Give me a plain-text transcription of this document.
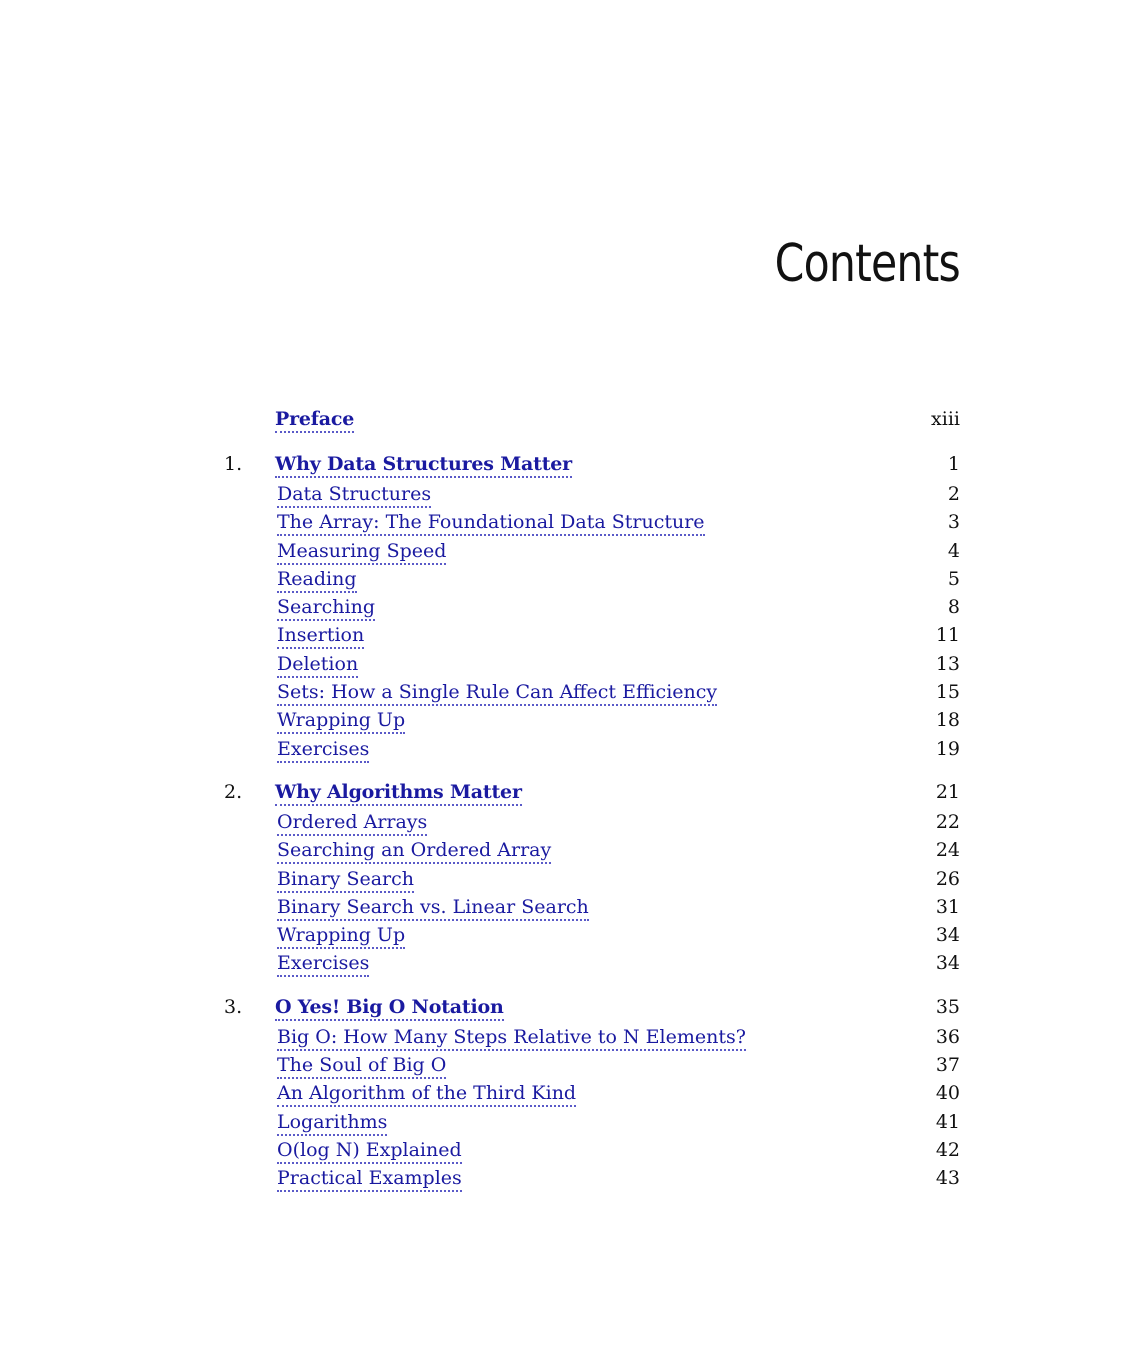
Contents
Preface	xiii
1.	Why Data Structures Matter	1
Data Structures	2
The Array: The Foundational Data Structure	3
Measuring Speed	4
Reading	5
Searching	8
Insertion	11
Deletion	13
Sets: How a Single Rule Can Affect Efficiency	15
Wrapping Up	18
Exercises	19
2.	Why Algorithms Matter	21
Ordered Arrays	22
Searching an Ordered Array	24
Binary Search	26
Binary Search vs. Linear Search	31
Wrapping Up	34
Exercises	34
3.	O Yes! Big O Notation	35
Big O: How Many Steps Relative to N Elements?	36
The Soul of Big O	37
An Algorithm of the Third Kind	40
Logarithms	41
O(log N) Explained	42
Practical Examples	43
